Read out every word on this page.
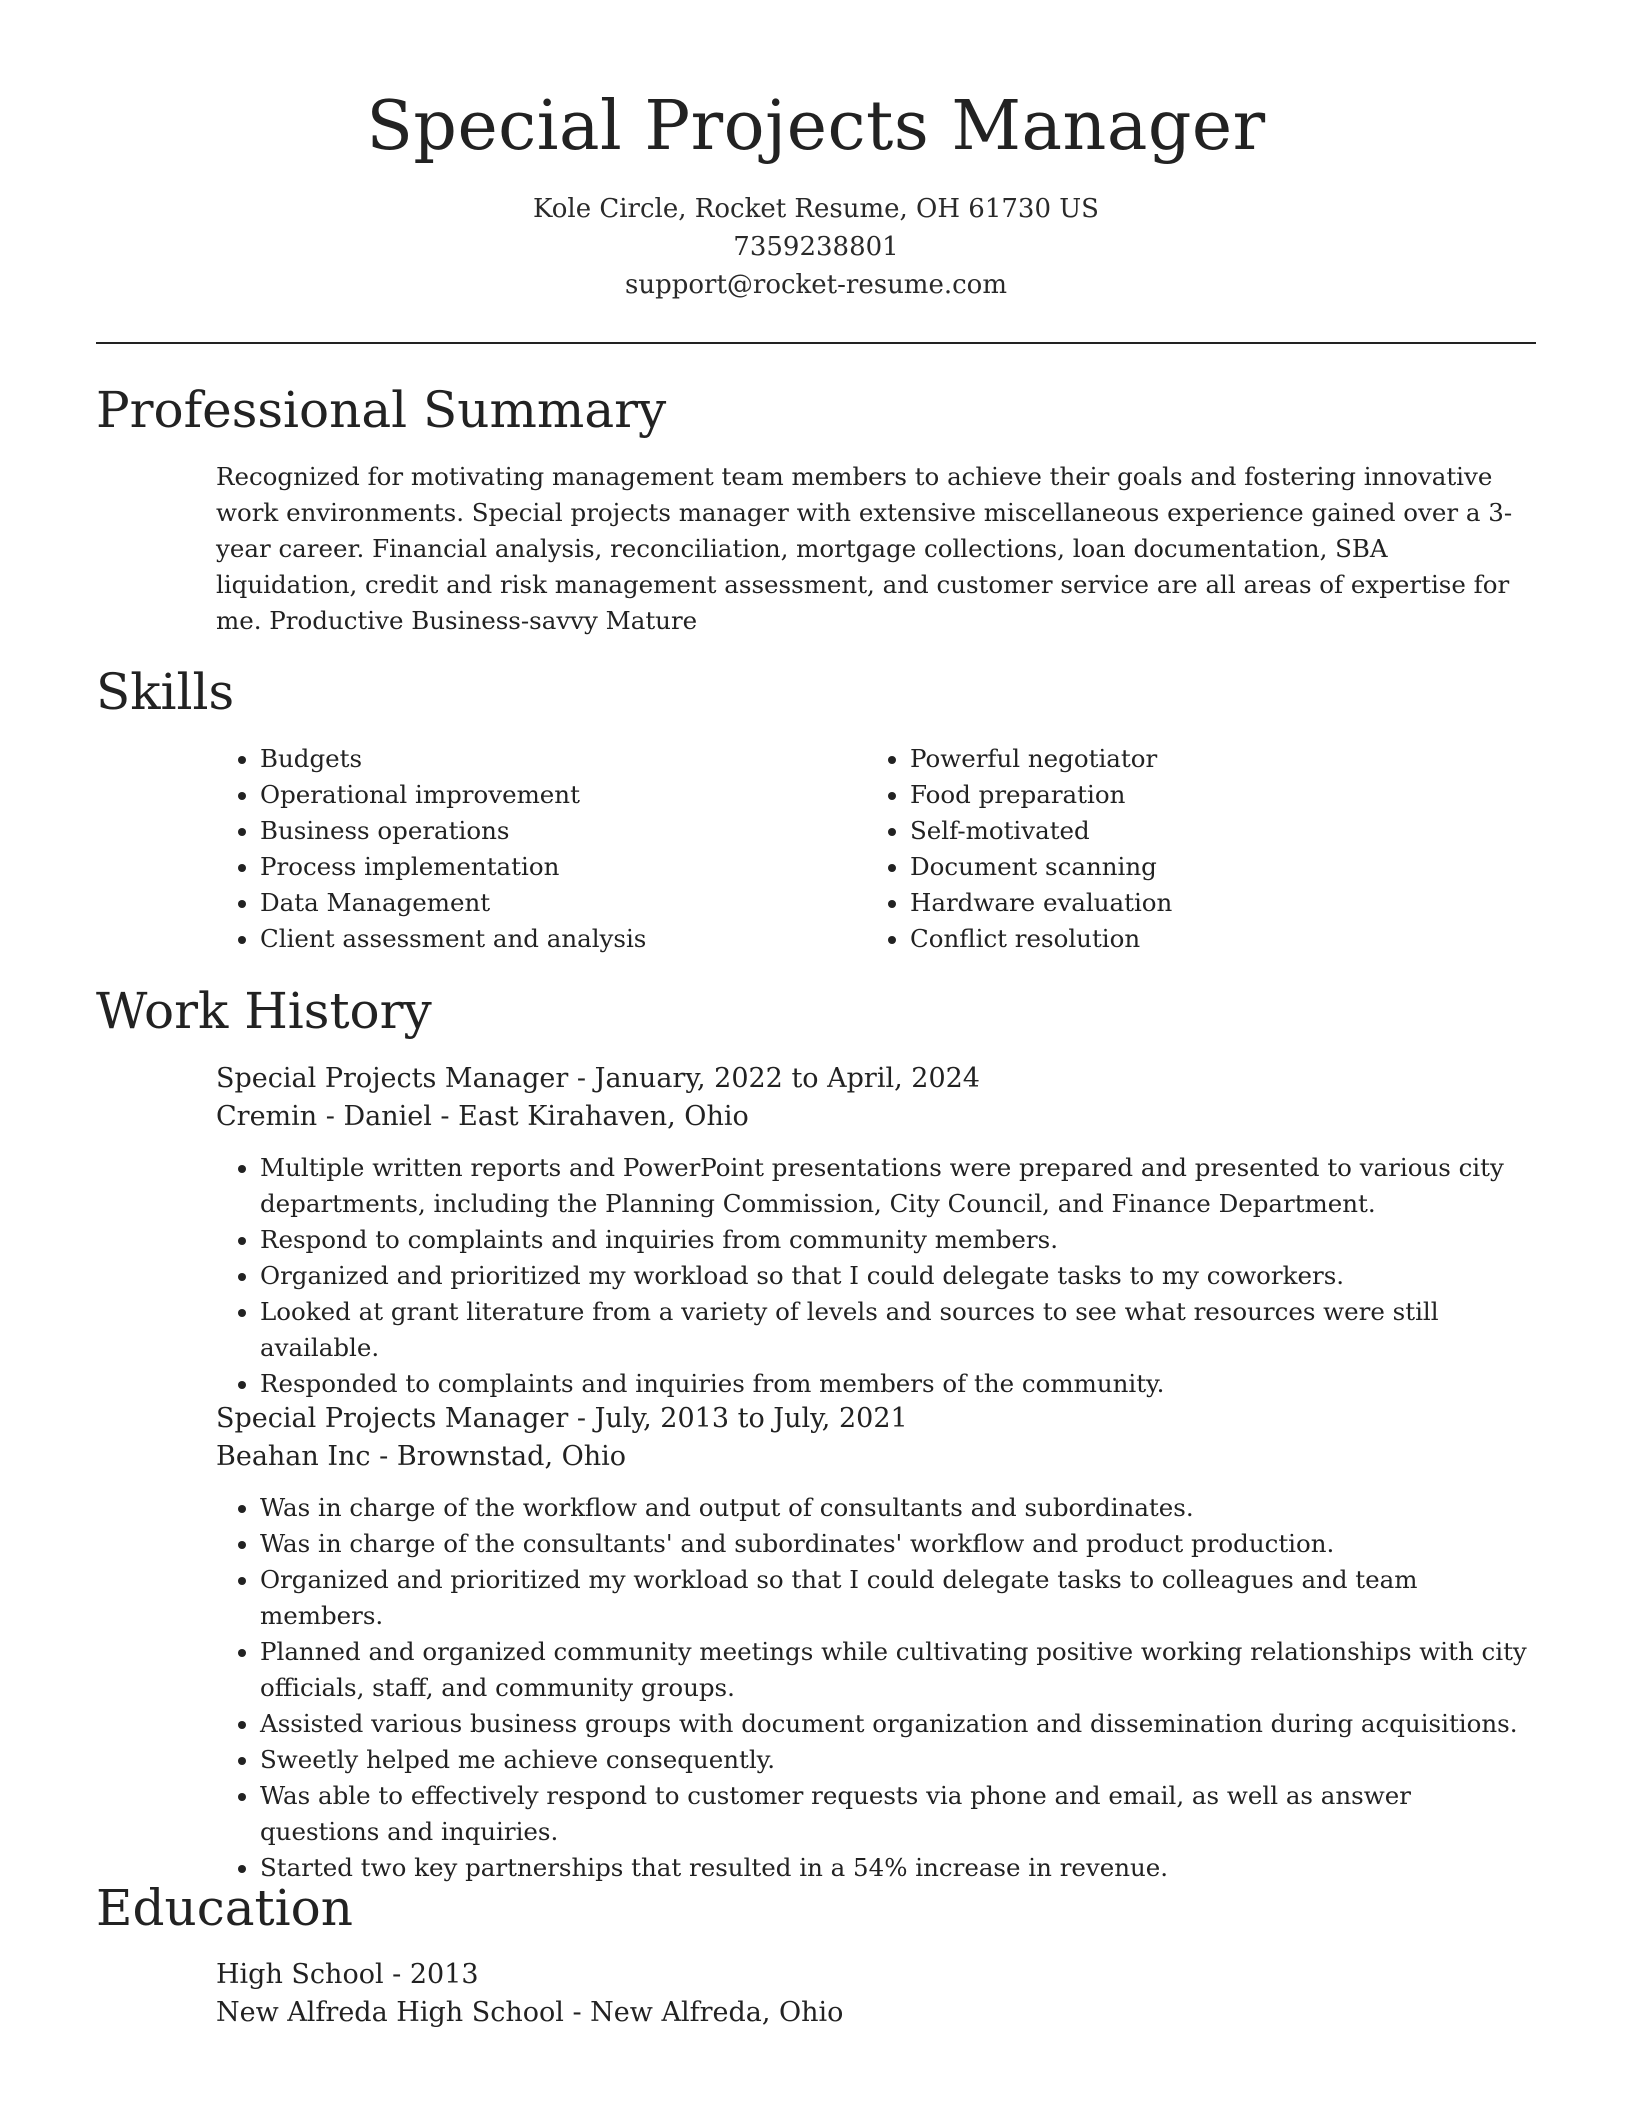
Special Projects Manager
Kole Circle, Rocket Resume, OH 61730 US
7359238801
support@rocket-resume.com
Professional Summary

Recognized for motivating management team members to achieve their goals and fostering innovative work environments. Special projects manager with extensive miscellaneous experience gained over a 3-year career. Financial analysis, reconciliation, mortgage collections, loan documentation, SBA liquidation, credit and risk management assessment, and customer service are all areas of expertise for me. Productive Business-savvy Mature

Skills
• Budgets
• Operational improvement
• Business operations
• Process implementation
• Data Management
• Client assessment and analysis
• Powerful negotiator
• Food preparation
• Self-motivated
• Document scanning
• Hardware evaluation
• Conflict resolution
Work History

Special Projects Manager - January, 2022 to April, 2024

Cremin - Daniel - East Kirahaven, Ohio

• Multiple written reports and PowerPoint presentations were prepared and presented to various city departments, including the Planning Commission, City Council, and Finance Department.
• Respond to complaints and inquiries from community members.
• Organized and prioritized my workload so that I could delegate tasks to my coworkers.
• Looked at grant literature from a variety of levels and sources to see what resources were still available.
• Responded to complaints and inquiries from members of the community.

Special Projects Manager - July, 2013 to July, 2021

Beahan Inc - Brownstad, Ohio

• Was in charge of the workflow and output of consultants and subordinates.
• Was in charge of the consultants' and subordinates' workflow and product production.
• Organized and prioritized my workload so that I could delegate tasks to colleagues and team members.
• Planned and organized community meetings while cultivating positive working relationships with city officials, staff, and community groups.
• Assisted various business groups with document organization and dissemination during acquisitions.
• Sweetly helped me achieve consequently.
• Was able to effectively respond to customer requests via phone and email, as well as answer questions and inquiries.
• Started two key partnerships that resulted in a 54% increase in revenue.
Education

High School - 2013

New Alfreda High School - New Alfreda, Ohio
